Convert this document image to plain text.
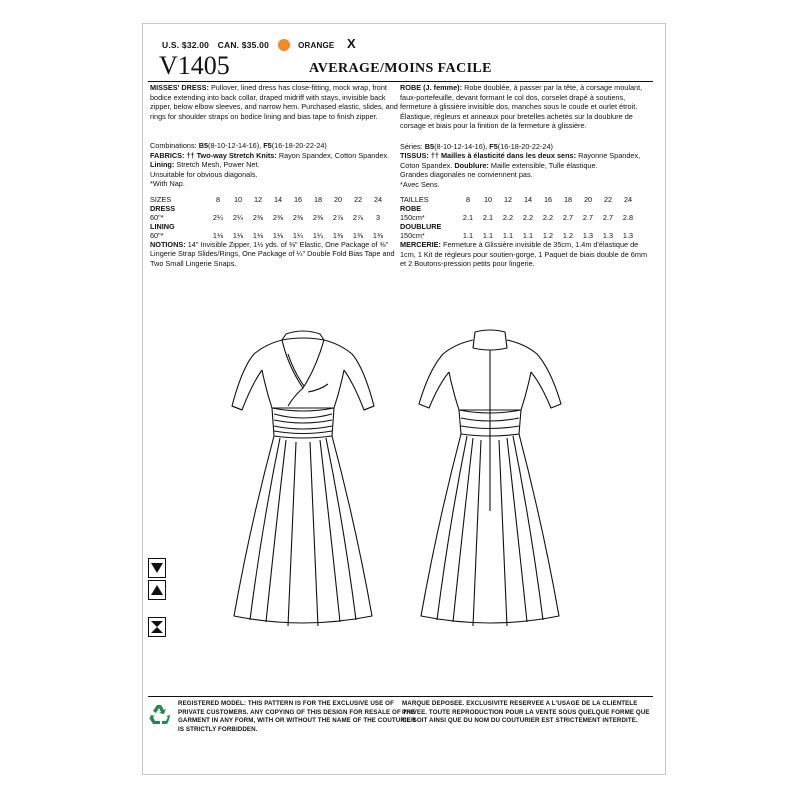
U.S. $32.00 CAN. $35.00	ORANGE X
V1405	AVERAGE/MOINS FACILE
MISSES' DRESS: Pullover, lined dress has close-fitting, mock wrap, front bodice extending into back collar, draped midriff with stays, invisible back zipper, below elbow sleeves, and narrow hem. Purchased elastic, slides, and rings for shoulder straps on bodice lining and bias tape to finish zipper.
Combinations: B5(8-10-12-14-16), F5(16-18-20-22-24)
FABRICS: †† Two-way Stretch Knits: Rayon Spandex, Cotton Spandex. Lining: Stretch Mesh, Power Net.
Unsuitable for obvious diagonals.
*With Nap.
SIZES	8	10	12	14	16	18	20	22	24
DRESS									
60"*	2¼	2¼	2⅜	2⅜	2⅜	2⅜	2⅞	2⅞	3
LINING									
60"*	1⅛	1⅛	1⅛	1⅛	1¼	1¼	1⅜	1⅜	1⅜
NOTIONS: 14" Invisible Zipper, 1½ yds. of ⅜" Elastic, One Package of ⅜" Lingerie Strap Slides/Rings, One Package of ¼" Double Fold Bias Tape and Two Small Lingerie Snaps.
ROBE (J. femme): Robe doublée, à passer par la tête, à corsage moulant, faux-portefeuille, devant formant le col dos, corselet drapé à soutiens, fermeture à glissière invisible dos, manches sous le coude et ourlet étroit. Élastique, régleurs et anneaux pour bretelles achetés sur la doublure de corsage et biais pour la finition de la fermeture à glissière.
Séries: B5(8-10-12-14-16), F5(16-18-20-22-24)
TISSUS: †† Mailles à élasticité dans les deux sens: Rayonne Spandex, Coton Spandex. Doublure: Maille extensible, Tulle élastique.
Grandes diagonales ne conviennent pas.
*Avec Sens.
TAILLES	8	10	12	14	16	18	20	22	24
ROBE									
150cm*	2.1	2.1	2.2	2.2	2.2	2.7	2.7	2.7	2.8
DOUBLURE									
150cm*	1.1	1.1	1.1	1.1	1.2	1.2	1.3	1.3	1.3
MERCERIE: Fermeture à Glissière invisible de 35cm, 1.4m d'élastique de 1cm, 1 Kit de régleurs pour soutien-gorge, 1 Paquet de biais double de 6mm et 2 Boutons-pression petits pour lingerie.
REGISTERED MODEL: THIS PATTERN IS FOR THE EXCLUSIVE USE OF PRIVATE CUSTOMERS. ANY COPYING OF THIS DESIGN FOR RESALE OF THE GARMENT IN ANY FORM, WITH OR WITHOUT THE NAME OF THE COUTURIER IS STRICTLY FORBIDDEN.
MARQUE DEPOSEE. EXCLUSIVITE RESERVEE A L'USAGE DE LA CLIENTELE PRIVEE. TOUTE REPRODUCTION POUR LA VENTE SOUS QUELQUE FORME QUE CE SOIT AINSI QUE DU NOM DU COUTURIER EST STRICTEMENT INTERDITE.
